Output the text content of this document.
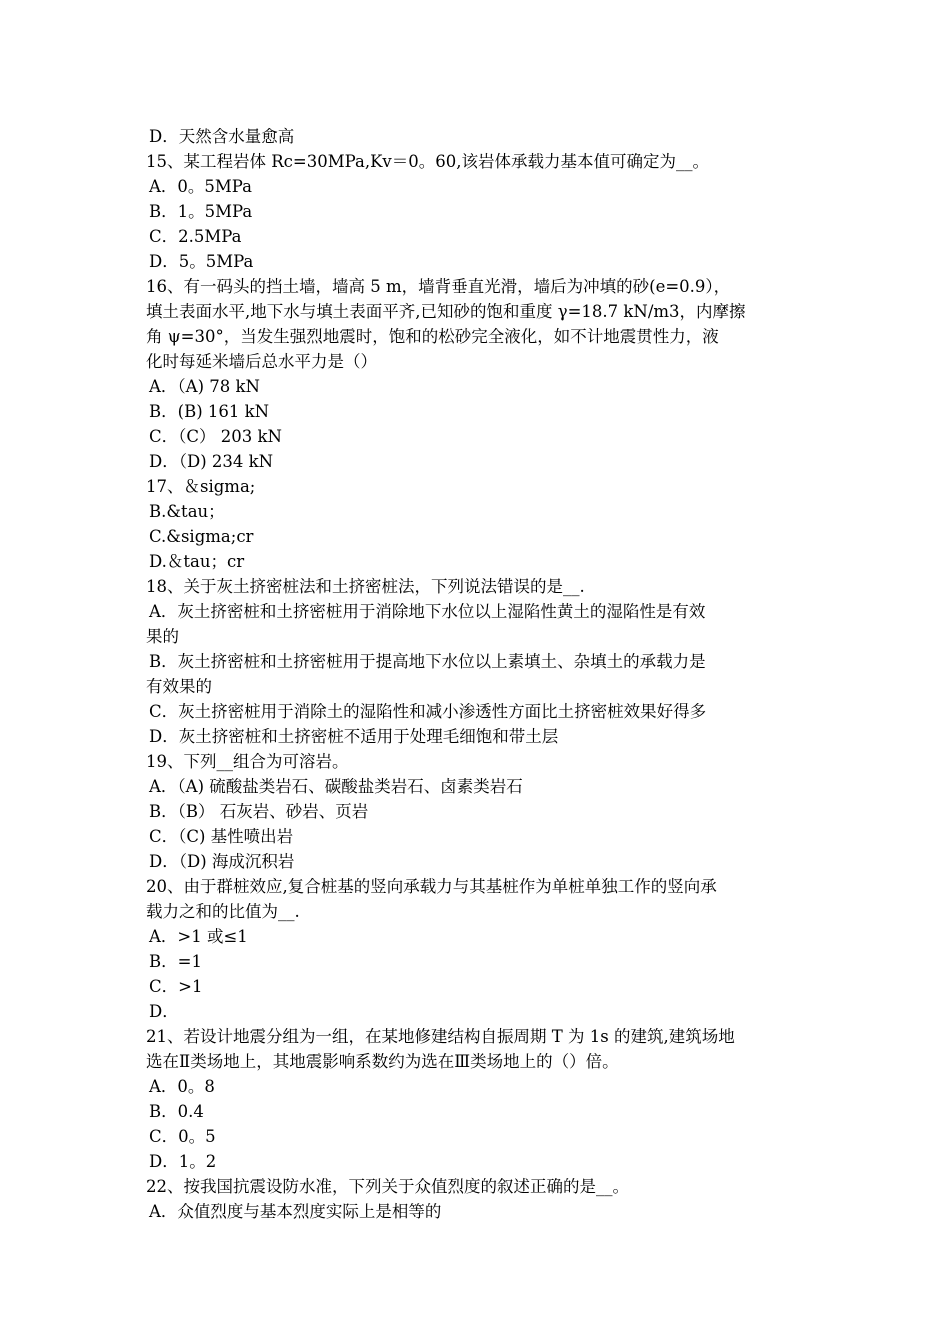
D．天然含水量愈高
15、某工程岩体 Rc=30MPa,Kv＝0。60,该岩体承载力基本值可确定为__。
A．0。5MPa
B．1。5MPa
C．2.5MPa
D．5。5MPa
16、有一码头的挡土墙，墙高 5 m，墙背垂直光滑，墙后为冲填的砂(e=0.9），
填土表面水平,地下水与填土表面平齐,已知砂的饱和重度 γ=18.7 kN/m3，内摩擦
角 ψ=30°，当发生强烈地震时，饱和的松砂完全液化，如不计地震贯性力，液
化时每延米墙后总水平力是（）
A．（A) 78 kN
B．(B) 161 kN
C．（C） 203 kN
D．（D) 234 kN
17、＆sigma;
B.&tau；
C.&sigma;cr
D.＆tau；cr
18、关于灰土挤密桩法和土挤密桩法，下列说法错误的是__.
A．灰土挤密桩和土挤密桩用于消除地下水位以上湿陷性黄土的湿陷性是有效
果的
B．灰土挤密桩和土挤密桩用于提高地下水位以上素填土、杂填土的承载力是
有效果的
C．灰土挤密桩用于消除土的湿陷性和减小渗透性方面比土挤密桩效果好得多
D．灰土挤密桩和土挤密桩不适用于处理毛细饱和带土层
19、下列__组合为可溶岩。
A．（A) 硫酸盐类岩石、碳酸盐类岩石、卤素类岩石
B．（B） 石灰岩、砂岩、页岩
C．（C) 基性喷出岩
D．（D) 海成沉积岩
20、由于群桩效应,复合桩基的竖向承载力与其基桩作为单桩单独工作的竖向承
载力之和的比值为__.
A．>1 或≤1
B．=1
C．>1
D．
21、若设计地震分组为一组，在某地修建结构自振周期 T 为 1s 的建筑,建筑场地
选在Ⅱ类场地上，其地震影响系数约为选在Ⅲ类场地上的（）倍。
A．0。8
B．0.4
C．0。5
D．1。2
22、按我国抗震设防水准，下列关于众值烈度的叙述正确的是__。
A．众值烈度与基本烈度实际上是相等的
